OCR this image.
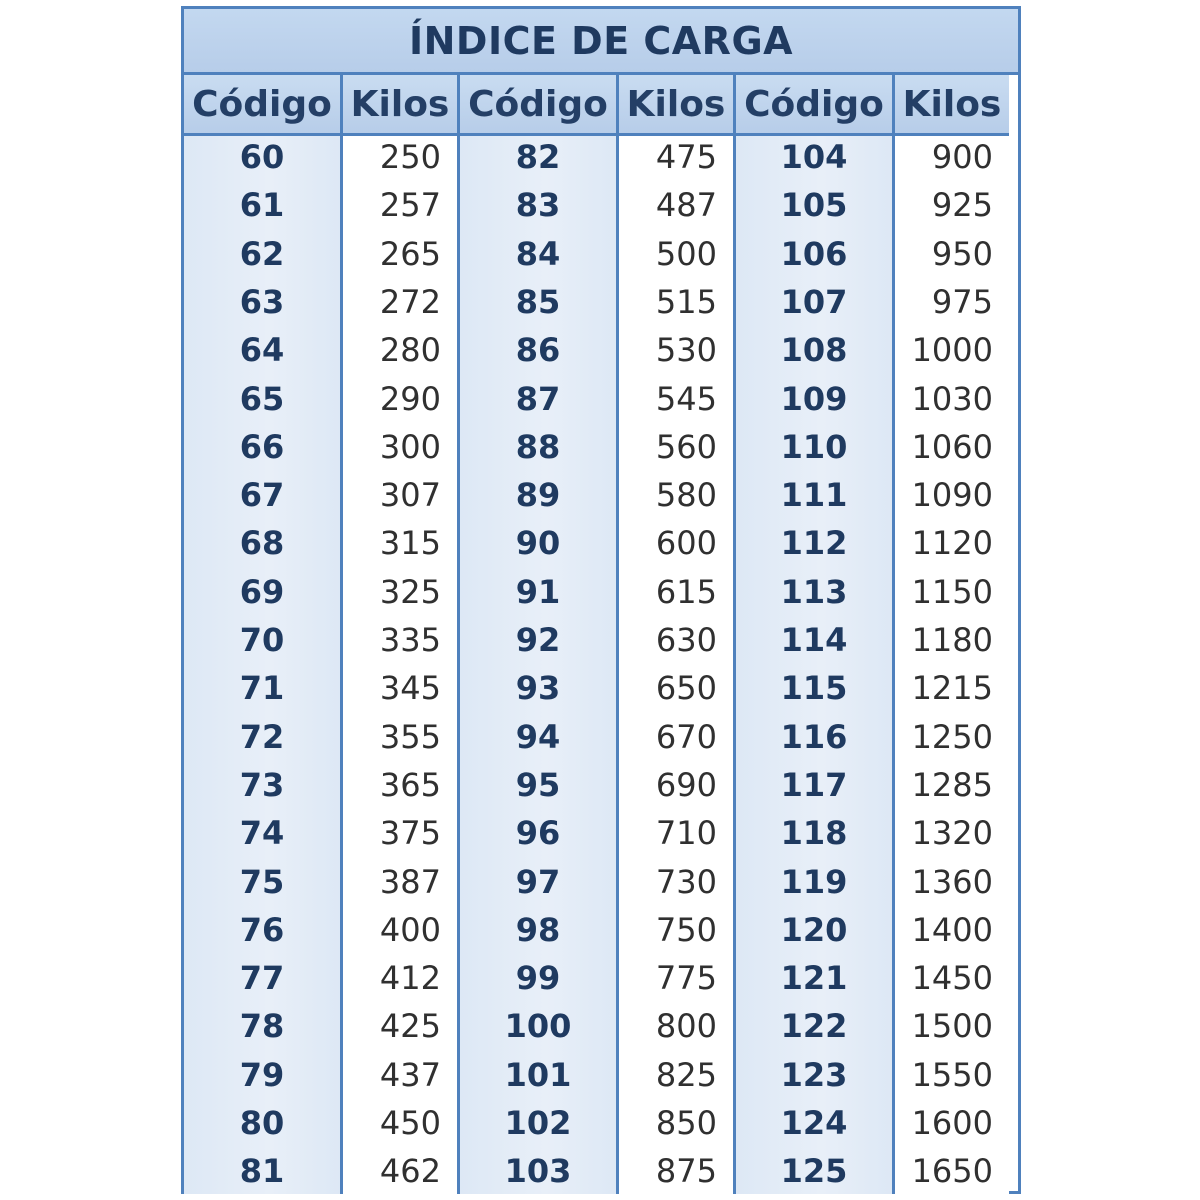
ÍNDICE DE CARGA
Código
60
61
62
63
64
65
66
67
68
69
70
71
72
73
74
75
76
77
78
79
80
81
Kilos
250
257
265
272
280
290
300
307
315
325
335
345
355
365
375
387
400
412
425
437
450
462
Código
82
83
84
85
86
87
88
89
90
91
92
93
94
95
96
97
98
99
100
101
102
103
Kilos
475
487
500
515
530
545
560
580
600
615
630
650
670
690
710
730
750
775
800
825
850
875
Código
104
105
106
107
108
109
110
111
112
113
114
115
116
117
118
119
120
121
122
123
124
125
Kilos
900
925
950
975
1000
1030
1060
1090
1120
1150
1180
1215
1250
1285
1320
1360
1400
1450
1500
1550
1600
1650
